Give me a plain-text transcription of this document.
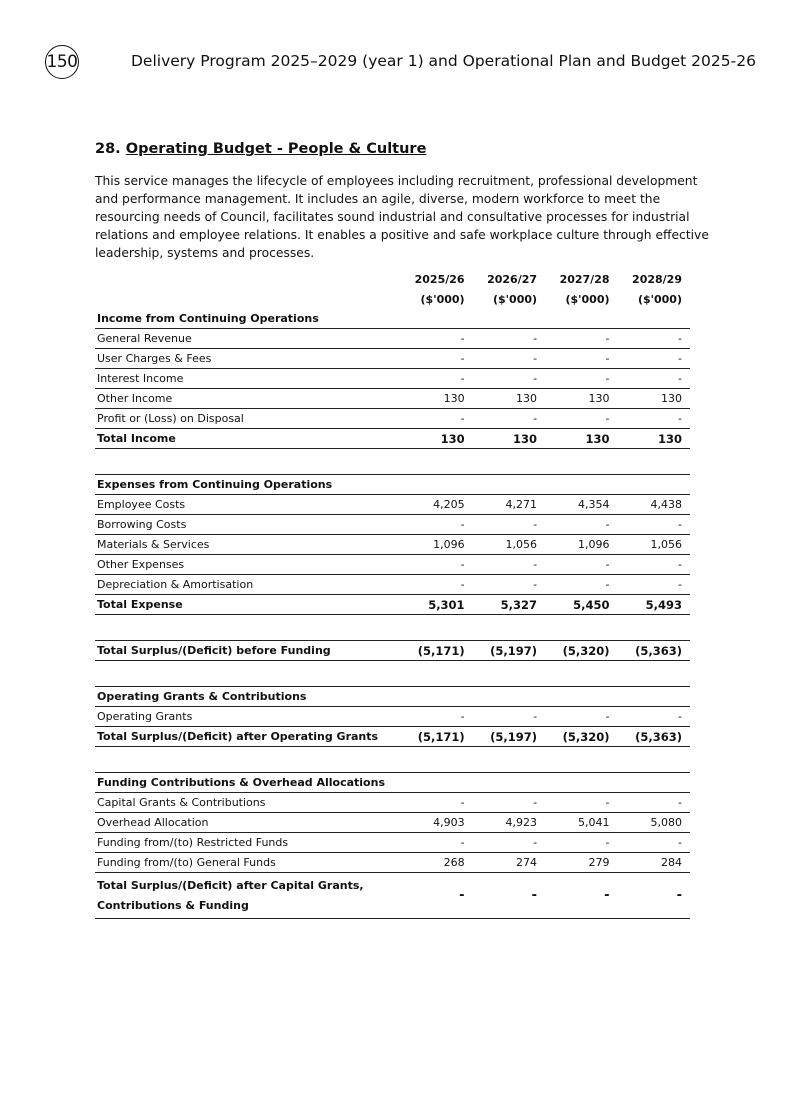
150	Delivery Program 2025–2029 (year 1) and Operational Plan and Budget 2025-26
28. Operating Budget - People & Culture
This service manages the lifecycle of employees including recruitment, professional development
and performance management. It includes an agile, diverse, modern workforce to meet the
resourcing needs of Council, facilitates sound industrial and consultative processes for industrial
relations and employee relations. It enables a positive and safe workplace culture through effective
leadership, systems and processes.
	2025/26	2026/27	2027/28	2028/29
	($'000)	($'000)	($'000)	($'000)
Income from Continuing Operations				
General Revenue	-	-	-	-
User Charges & Fees	-	-	-	-
Interest Income	-	-	-	-
Other Income	130	130	130	130
Profit or (Loss) on Disposal	-	-	-	-
Total Income	130	130	130	130

Expenses from Continuing Operations				
Employee Costs	4,205	4,271	4,354	4,438
Borrowing Costs	-	-	-	-
Materials & Services	1,096	1,056	1,096	1,056
Other Expenses	-	-	-	-
Depreciation & Amortisation	-	-	-	-
Total Expense	5,301	5,327	5,450	5,493

Total Surplus/(Deficit) before Funding	(5,171)	(5,197)	(5,320)	(5,363)

Operating Grants & Contributions				
Operating Grants	-	-	-	-
Total Surplus/(Deficit) after Operating Grants	(5,171)	(5,197)	(5,320)	(5,363)

Funding Contributions & Overhead Allocations				
Capital Grants & Contributions	-	-	-	-
Overhead Allocation	4,903	4,923	5,041	5,080
Funding from/(to) Restricted Funds	-	-	-	-
Funding from/(to) General Funds	268	274	279	284

Total Surplus/(Deficit) after Capital Grants,
Contributions & Funding	-	-	-	-
